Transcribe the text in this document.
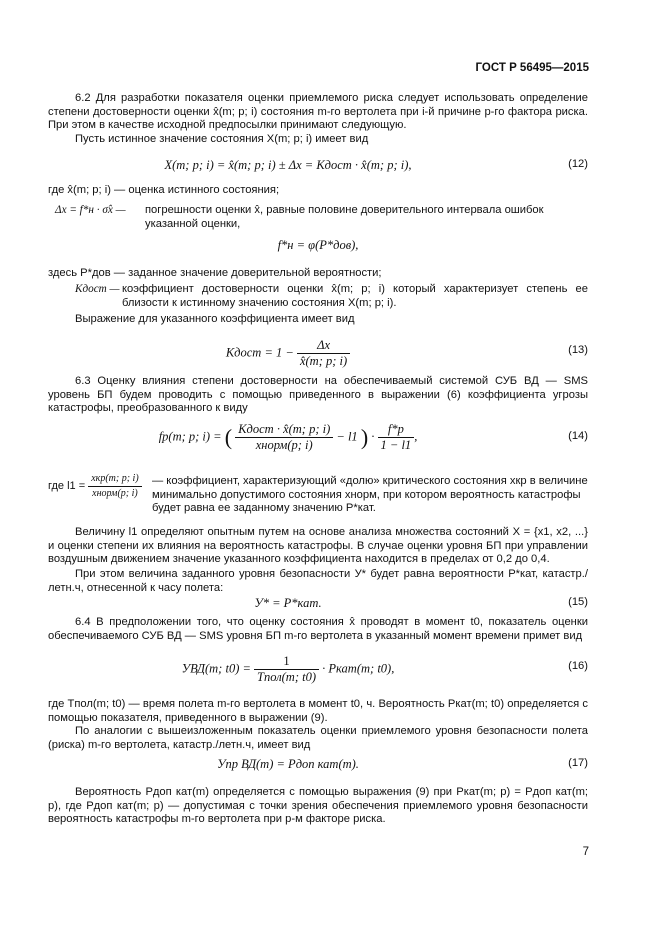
ГОСТ Р 56495—2015

6.2 Для разработки показателя оценки приемлемого риска следует использовать определение степени достоверности оценки x̂(m; p; i) состояния m-го вертолета при i-й причине p-го фактора риска. При этом в качестве исходной предпосылки принимают следующую.

Пусть истинное значение состояния X(m; p; i) имеет вид

X(m; p; i) = x̂(m; p; i) ± Δx = Kдост · x̂(m; p; i),	(12)

где x̂(m; p; i) — оценка истинного состояния;

Δx = f*н · σ̂x — погрешности оценки x̂, равные половине доверительного интервала ошибок указанной оценки,

f*н = φ(P*дов),

здесь P*дов — заданное значение доверительной вероятности;

Kдост — коэффициент достоверности оценки x̂(m; p; i) который характеризует степень ее близости к истинному значению состояния X(m; p; i).

Выражение для указанного коэффициента имеет вид

Kдост = $1 - \frac{\Delta x}{x̂(m; p; i)}$	(13)

6.3 Оценку влияния степени достоверности на обеспечиваемый системой СУБ ВД — SMS уровень БП будем проводить с помощью приведенного в выражении (6) коэффициента угрозы катастрофы, преобразованного к виду

fр(m; p; i) = ( $\frac{\text{Kдост · x̂(m; p; i)}}{\text{xнорм(p; i)}} - l1$ ) · $\frac{f*р}{1 - l1}$ ,	(14)
где $l1 = \frac{\text{xкр(m; p; i)}}{\text{xнорм(p; i)}}$ — коэффициент, характеризующий «долю» критического состояния xкр в величине минимально допустимого состояния xнорм, при котором вероятность катастрофы будет равна ее заданному значению P*кат.

Величину l1 определяют опытным путем на основе анализа множества состояний X = {x1, x2, ...} и оценки степени их влияния на вероятность катастрофы. В случае оценки уровня БП при управлении воздушным движением значение указанного коэффициента находится в пределах от 0,2 до 0,4.

При этом величина заданного уровня безопасности У* будет равна вероятности P*кат, катастр./летн.ч, отнесенной к часу полета:

У* = P*кат.	(15)

6.4 В предположении того, что оценку состояния x̂ проводят в момент t0, показатель оценки обеспечиваемого СУБ ВД — SMS уровня БП m-го вертолета в указанный момент времени примет вид

УВД(m; $t0) = \frac{1}{\text{Tпол(m; t0)}}$ · Pкат(m; t0),	(16)

где Tпол(m; t0) — время полета m-го вертолета в момент t0, ч. Вероятность Pкат(m; t0) определяется с помощью показателя, приведенного в выражении (9).

По аналогии с вышеизложенным показатель оценки приемлемого уровня безопасности полета (риска) m-го вертолета, катастр./летн.ч, имеет вид

Уnp ВД(m) = Pдоп кат(m).	(17)

Вероятность Pдоп кат(m) определяется с помощью выражения (9) при Pкат(m; p) = Pдоп кат(m; p), где Pдоп кат(m; p) — допустимая с точки зрения обеспечения приемлемого уровня безопасности вероятность катастрофы m-го вертолета при p-м факторе риска.

7
